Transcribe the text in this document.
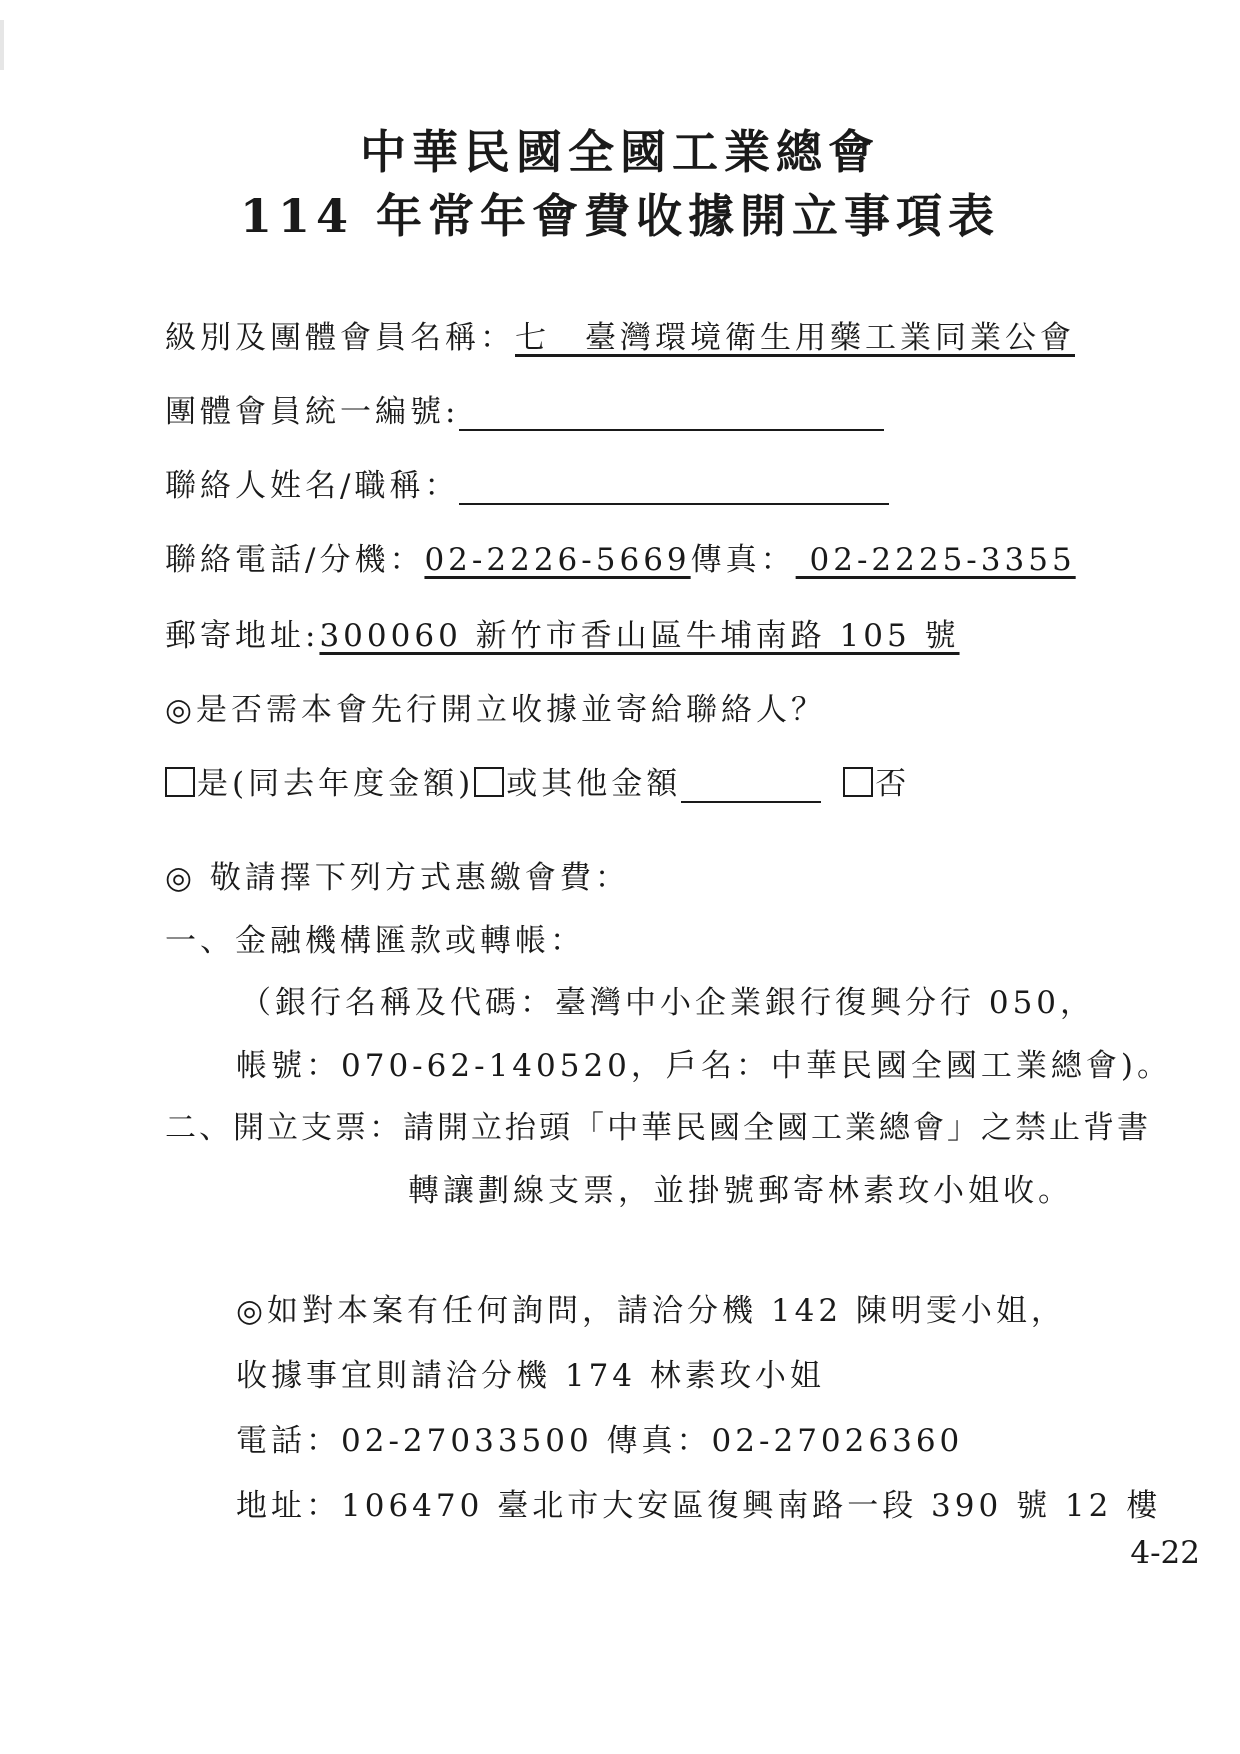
中華民國全國工業總會
114 年常年會費收據開立事項表
級別及團體會員名稱：七　臺灣環境衛生用藥工業同業公會
團體會員統一編號:
聯絡人姓名/職稱：
聯絡電話/分機：02-2226-5669傳真： 02-2225-3355
郵寄地址:300060 新竹市香山區牛埔南路 105 號
◎是否需本會先行開立收據並寄給聯絡人？
是(同去年度金額) 或其他金額	否
◎ 敬請擇下列方式惠繳會費：
一、金融機構匯款或轉帳：
（銀行名稱及代碼：臺灣中小企業銀行復興分行 050，
帳號：070-62-140520，戶名：中華民國全國工業總會)。
二、開立支票：請開立抬頭「中華民國全國工業總會」之禁止背書
轉讓劃線支票，並掛號郵寄林素玫小姐收。
◎如對本案有任何詢問，請洽分機 142 陳明雯小姐，
收據事宜則請洽分機 174 林素玫小姐
電話：02-27033500 傳真：02-27026360
地址：106470 臺北市大安區復興南路一段 390 號 12 樓
4-22
